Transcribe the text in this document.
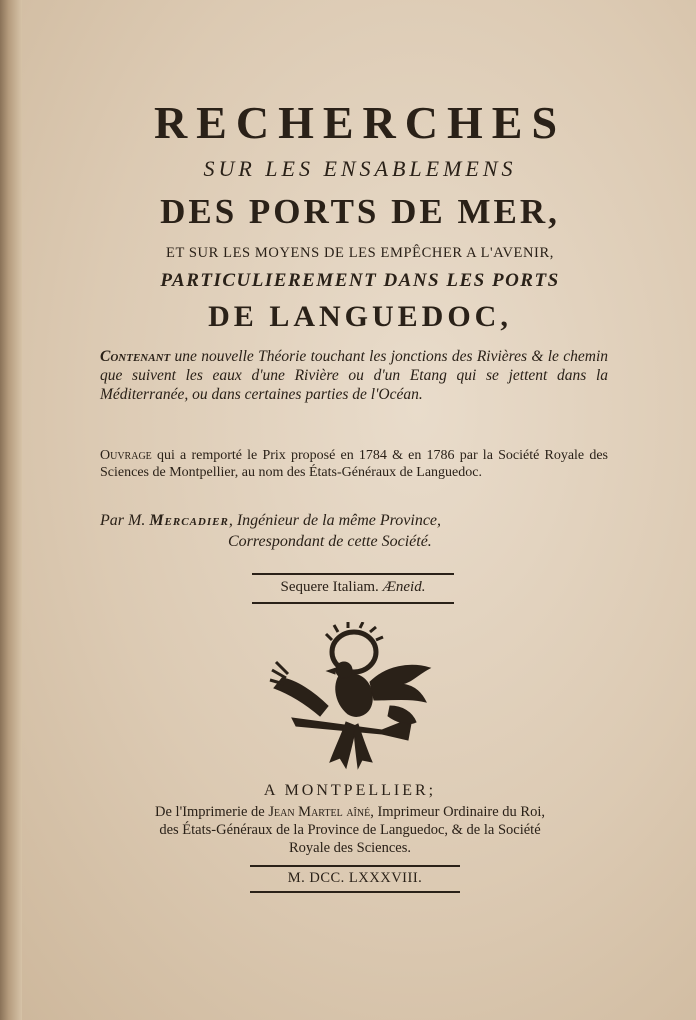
RECHERCHES
SUR LES ENSABLEMENS
DES PORTS DE MER,
ET SUR LES MOYENS DE LES EMPÊCHER A L'AVENIR,
PARTICULIEREMENT DANS LES PORTS
DE LANGUEDOC,
Contenant une nouvelle Théorie touchant les jonctions des Rivières & le chemin que suivent les eaux d'une Rivière ou d'un Etang qui se jettent dans la Méditerranée, ou dans certaines parties de l'Océan.
Ouvrage qui a remporté le Prix proposé en 1784 & en 1786 par la Société Royale des Sciences de Montpellier, au nom des États-Généraux de Languedoc.
Par M. Mercadier, Ingénieur de la même Province,
Correspondant de cette Société.
Sequere Italiam. Æneid.
A MONTPELLIER;
De l'Imprimerie de Jean Martel aîné, Imprimeur Ordinaire du Roi,
des États-Généraux de la Province de Languedoc, & de la Société
Royale des Sciences.
M. DCC. LXXXVIII.
